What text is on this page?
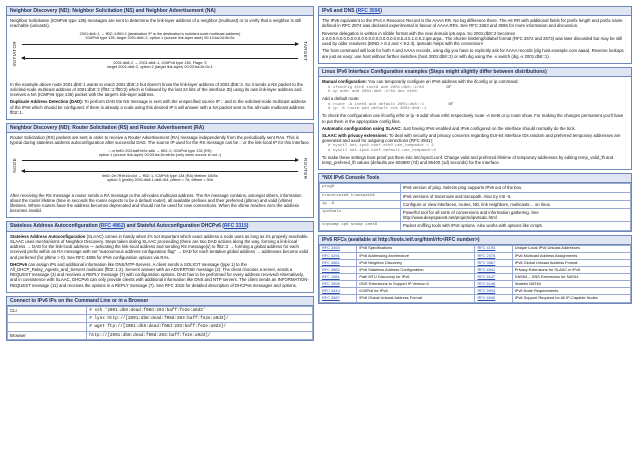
Neighbor Discovery (ND): Neighbor Solicitation (NS) and Neighbor Advertisement (NA)

Neighbor Solicitation (ICMPv6 type 135) messages are sent to determine the link-layer address of a neighbor (multicast) or to verify that a neighbor is still reachable (unicasts).

INITIATOR	TARGET
2001:db8::1 → ff02::1:ff00:2 (destination IP is the destination's solicited-node multicast address)
ICMPv6 type 135, target 2001:db8::2, option 1 (source link-layer addr) 00:13:ba:24:6b:5c
2001:db8::2 → 2001:db8::1, ICMPv6 type 136, Flags: S
target 2001:db8::2, option 2 (target link-layer) 00:03:ba:2e:0c:1

In the example above node 2001:db8::1 wants to reach 2001:db8::2 but doesn't know the link-layer address of 2001:db8::2. So it sends a NS packet to the solicited-node multicast address of 2001:db8::2 (ff02::1:ff00:2) which is followed by the last 24 bits of the interface ID) using its own link-layer address and receives a NA (ICMPv6 type 136) packet with the target's link-layer address.

Duplicate Address Detection (DAD): To perform DAD the NS message is sent with the unspecified source IP :: and to the solicited-node multicast address of the IPv6 which should be configured. If there is already a node using this desired IP it will answer with a NA packet sent to the all-node multicast address ff02::1.

Neighbor Discovery (ND): Router Solicitation (RS) and Router Advertisement (RA)

Router Solicitation (RS) packets are sent in order to receive a Router Advertisement (RA) message independently from the periodically sent RAs. This is typical during stateless address autoconfiguration after successful DAD. The source IP used for the RS message can be :: or the link-local IP for this interface.

NODE	ROUTER
:: or fe80::203:baff:fe2e:a6b → ff02::2, ICMPv6 type 133 (RS)
option 1 (source link-layer) 00:03:ba:2e:a6:bc (only when source is not ::)
fe80::2e:7ff:fe16:c0d → ff02::1, ICMPv6 type 134 (RA) lifetime 1800s
option 3 (prefix) 2001:db8:1:db8::/64, pflime = 7d, vlftime = 30d

After receiving the RS message a router sends a RA message to the all-nodes multicast address. The RA message contains, amongst others, information about the router lifetime (time in seconds the router expects to be a default router), all available prefixes and their preferred (pltime) and valid (vltime) lifetimes. Where routers have the address becomes deprecated and should not be used for new connections. When the vltime reaches zero the address becomes invalid.

Stateless Address Autoconfiguration (RFC 4862) and Stateful Autoconfiguration DHCPv6 (RFC 3315)

Stateless Address Autoconfiguration (SLAAC) comes in handy when it's not important which exact address a node uses as long as it's properly reachable. SLAAC uses mechanisms of Neighbor Discovery. Steps taken during SLAAC proceeding (there are two DAD actions along the way, forming a link-local address → DAD for the link-local address — activating the link-local address and sending RS message(s) to ff02::2 → forming a global address for each received prefix within an RA message with set "autonomous address-configuration flag" → DAD for each tentative global address → addresses become valid and preferred (for pltime > 0). See RFC 4806 for IPv6 configuration options via RAs.

DHCPv6 can assign IPs and additional information like DNS/NTP-Servers. A client sends a SOLICIT message (type 1) to the All_DHCP_Relay_Agents_and_Servers multicast (ff02::1:2). Servers answer with an ADVERTISE message (2). The client chooses a server, sends a REQUEST message (3) and receives a REPLY message (7) with configuration options. DAD has to be performed for every address received! Alternatively, and in coexistence with SLAAC, DHCPv6 can only provide clients with additional information like DNS and NTP servers. The client sends an INFORMATION-REQUEST message (11) and receives the options in a REPLY message (7). See RFC 3315 for detailed description of DHCPv6 messages and options.

Connect to IPv6 IPs on the Command Line or in a Browser
CLI	# ssh '2001:db8:dead:f00d:203:baff:fe2e:a9d3'
	# lynx http://[2001:db8:dead:f00d:203:baff:fe2e:a9d3]/
	# wget ftp://[2001:db8:dead:f00d:203:baff:fe2e:a9d3]/
Browser	http://[2001:db8:dead:f00d:203:baff:fe2e:a9d3]/
IPv6 and DNS (RFC 3596)

The IPv6 equivalent to the IPv4 A Resource Record is the AAAA RR. No big difference there. The A6 RR with additional fields for prefix length and prefix name defined in RFC 2874 was declared experimental in favour of AAAA RRs. See RFC 3363 and 3596 for more information and discussion.

Reverse delegation is written in nibble format with the new domain ip6.arpa. So 2001:db8::2 becomes 2.0.0.0.0.0.0.0.0.0.0.0.0.0.0.0.0.0.0.0.0.8.b.d.0.1.0.0.2.ip6.arpa.. The shorter bitstring/bitlabel format (RFC 2672 and 2673) was later discarded but may be still used by older resolvers (BIND > 8.3 and < 9.2.3). ipv6calc helps with the conversion!

The host command will look for both A and AAAA records, using dig you have to explicitly ask for AAAA records (dig host.example.com aaaa). Reverse lookups are just as easy: use host without further switches (host 2001:db8::2) or with dig using the -x switch (dig -x 2001:db8::1).

Linux IPv6 Interface Configuration examples (Steps might slightly differ between distributions)

Manual configuration: You can temporarily configure an IPv6 address with the ifconfig or ip command:

# ifconfig eth0 inet6 add 2001:db8::2/64	or
# ip addr add 2001:db8::2/64 dev eth0.
Add a default route:
# route -A inet6 add default 2001:db8::1	or
# ip -6 route add default via 2001:db8::1

To check the configuration use ifconfig eth0 or ip -6 addr show eth0 respectively route -A inet6 or ip route show. For making the changes permanent you'll have to put them in the appropriate config files.

Automatic configuration using SLAAC: Just having IPv6 enabled and IPv6 configured on the interface should normally do the trick.

SLAAC with privacy extensions: To deal with security and privacy concerns regarding EUI-64 interface IDs random and preferred temporary addresses are generated and used for outgoing connections (RFC 4941):

# sysctl net.ipv6.conf.eth0.use_tempaddr = 2
# sysctl net.ipv6.conf.default.use_tempaddr=2

To make these settings boot proof put them into /etc/sysctl.conf. Change valid and preferred lifetime of temporary addresses by editing temp_valid_lft and temp_prefered_lft values (defaults are 604800 (7d) and 86400 (1d) seconds) for the interface.

*NIX IPv6 Console Tools
ping6	IPv6 version of ping. Selects ping supports IPv6 out of the box.
traceroute6 tracepath6	IPv6 versions of traceroute and tracepath. Also try mtr -6.
ip -6	Configure or view interfaces, routes, ND, link neighbors, multicasts… on linux.
ipv6calc	Powerful tool for all sorts of conversions and information gathering. See http://www.deepspace6.net/projects/ipv6calc.html
tcpdump ip6 snoop inet6	Packet sniffing tools with IPv6 options. Also works with options like icmp6.
IPv6 RFCs (available at http://tools.ietf.org/html/rfc<RFC number>)
RFC 2460	IPv6 Specifications	RFC 4193	Unique Local IPv6 Unicast Addresses
RFC 4291	IPv6 Addressing Architecture	RFC 2375	IPv6 Multicast Address Assignments
RFC 4861	IPv6 Neighbor Discovery	RFC 3587	IPv6 Global Unicast Address Format
RFC 4862	IPv6 Stateless Address Configuration	RFC 4941	Privacy Extensions for SLAAC in IPv6
RFC 1981	Path MTU Discovery for IPv6	RFC 6147	DNS64 – DNS Extensions for NAT64
RFC 3596	DNS Extensions to Support IP Version 6	RFC 6146	Stateful NAT64
RFC 4443	ICMPv6 for IPv6	RFC 5934	IPv6 Node Requirements
RFC 3587	IPv6 Global Unicast Address Format	RFC 6540	IPv6 Support Required for All IP-Capable Nodes
